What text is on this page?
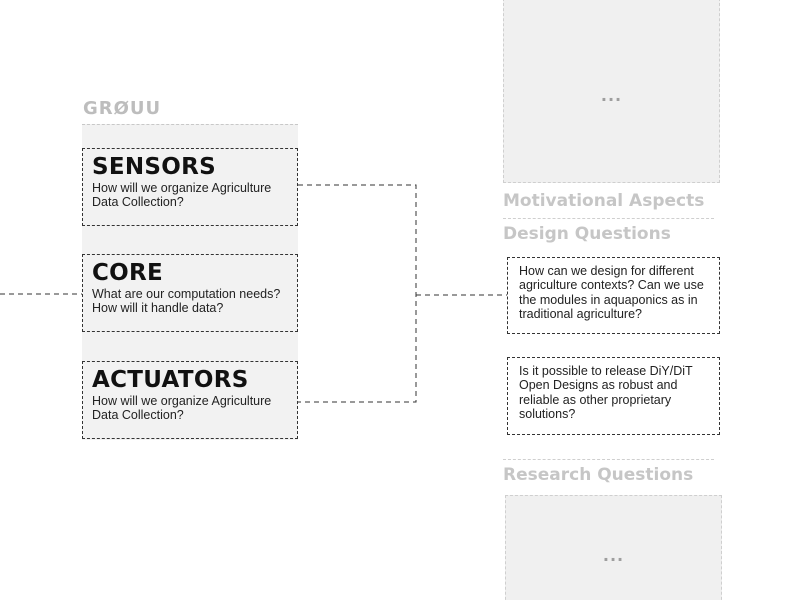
GRØUU
SENSORS
How will we organize Agriculture Data Collection?
CORE
What are our computation needs? How will it handle data?
ACTUATORS
How will we organize Agriculture Data Collection?
...
Motivational Aspects
Design Questions
How can we design for different agriculture contexts? Can we use the modules in aquaponics as in traditional agriculture?
Is it possible to release DiY/DiT Open Designs as robust and reliable as other proprietary solutions?
Research Questions
...
